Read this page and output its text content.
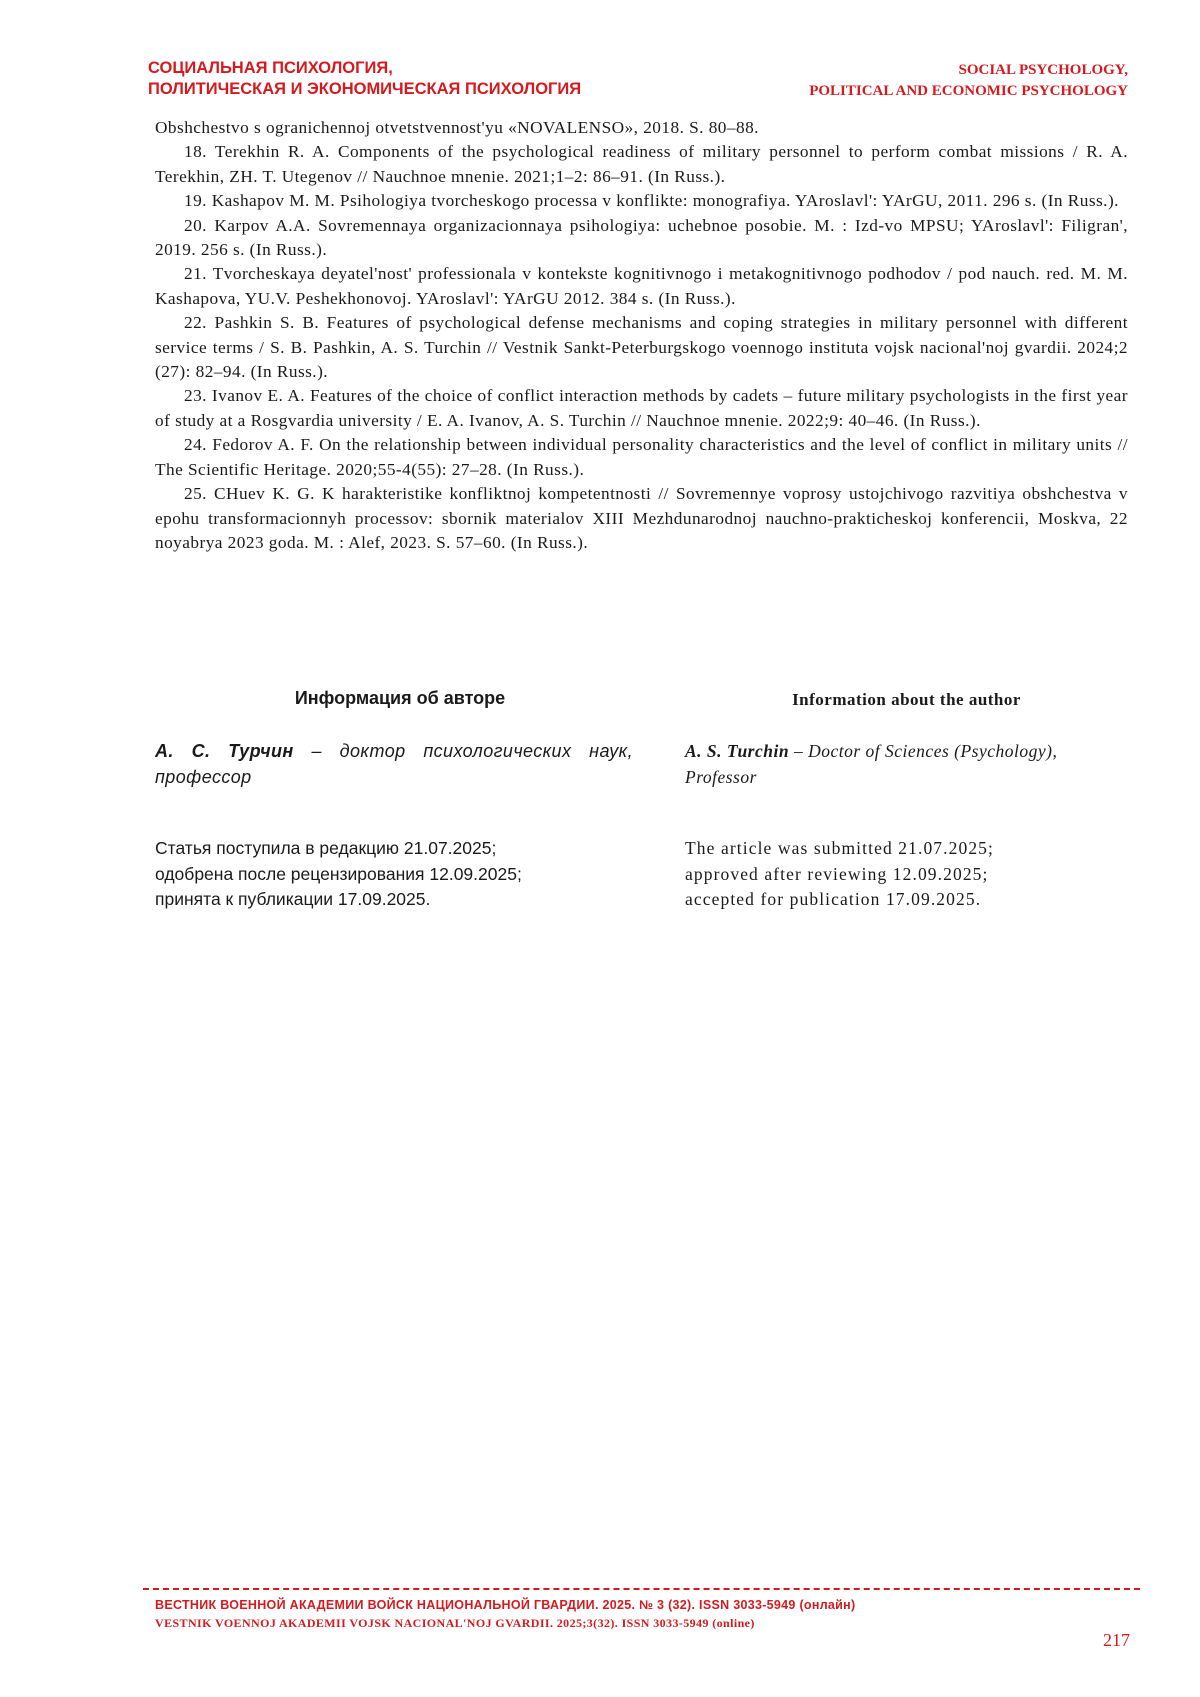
СОЦИАЛЬНАЯ ПСИХОЛОГИЯ,
ПОЛИТИЧЕСКАЯ И ЭКОНОМИЧЕСКАЯ ПСИХОЛОГИЯ
SOCIAL PSYCHOLOGY,
POLITICAL AND ECONOMIC PSYCHOLOGY

Obshchestvo s ogranichennoj otvetstvennost'yu «NOVALENSO», 2018. S. 80–88.

18. Terekhin R. A. Components of the psychological readiness of military personnel to perform combat missions / R. A. Terekhin, ZH. T. Utegenov // Nauchnoe mnenie. 2021;1–2: 86–91. (In Russ.).

19. Kashapov M. M. Psihologiya tvorcheskogo processa v konflikte: monografiya. YAroslavl': YArGU, 2011. 296 s. (In Russ.).

20. Karpov A.A. Sovremennaya organizacionnaya psihologiya: uchebnoe posobie. M. : Izd-vo MPSU; YAroslavl': Filigran', 2019. 256 s. (In Russ.).

21. Tvorcheskaya deyatel'nost' professionala v kontekste kognitivnogo i metakognitivnogo podhodov / pod nauch. red. M. M. Kashapova, YU.V. Peshekhonovoj. YAroslavl': YArGU 2012. 384 s. (In Russ.).

22. Pashkin S. B. Features of psychological defense mechanisms and coping strategies in military personnel with different service terms / S. B. Pashkin, A. S. Turchin // Vestnik Sankt-Peterburgskogo voennogo instituta vojsk nacional'noj gvardii. 2024;2 (27): 82–94. (In Russ.).

23. Ivanov E. A. Features of the choice of conflict interaction methods by cadets – future military psychologists in the first year of study at a Rosgvardia university / E. A. Ivanov, A. S. Turchin // Nauchnoe mnenie. 2022;9: 40–46. (In Russ.).

24. Fedorov A. F. On the relationship between individual personality characteristics and the level of conflict in military units // The Scientific Heritage. 2020;55-4(55): 27–28. (In Russ.).

25. CHuev K. G. K harakteristike konfliktnoj kompetentnosti // Sovremennye voprosy ustojchivogo razvitiya obshchestva v epohu transformacionnyh processov: sbornik materialov XIII Mezhdunarodnoj nauchno-prakticheskoj konferencii, Moskva, 22 noyabrya 2023 goda. M. : Alef, 2023. S. 57–60. (In Russ.).

Информация об авторе	Information about the author
А. С. Турчин – доктор психологических наук, профессор
A. S. Turchin – Doctor of Sciences (Psychology), Professor
Статья поступила в редакцию 21.07.2025;
одобрена после рецензирования 12.09.2025;
принята к публикации 17.09.2025.
The article was submitted 21.07.2025;
approved after reviewing 12.09.2025;
accepted for publication 17.09.2025.
ВЕСТНИК ВОЕННОЙ АКАДЕМИИ ВОЙСК НАЦИОНАЛЬНОЙ ГВАРДИИ. 2025. № 3 (32). ISSN 3033-5949 (онлайн)
VESTNIK VOENNOJ AKADEMII VOJSK NACIONAL'NOJ GVARDII. 2025;3(32). ISSN 3033-5949 (online)
217
